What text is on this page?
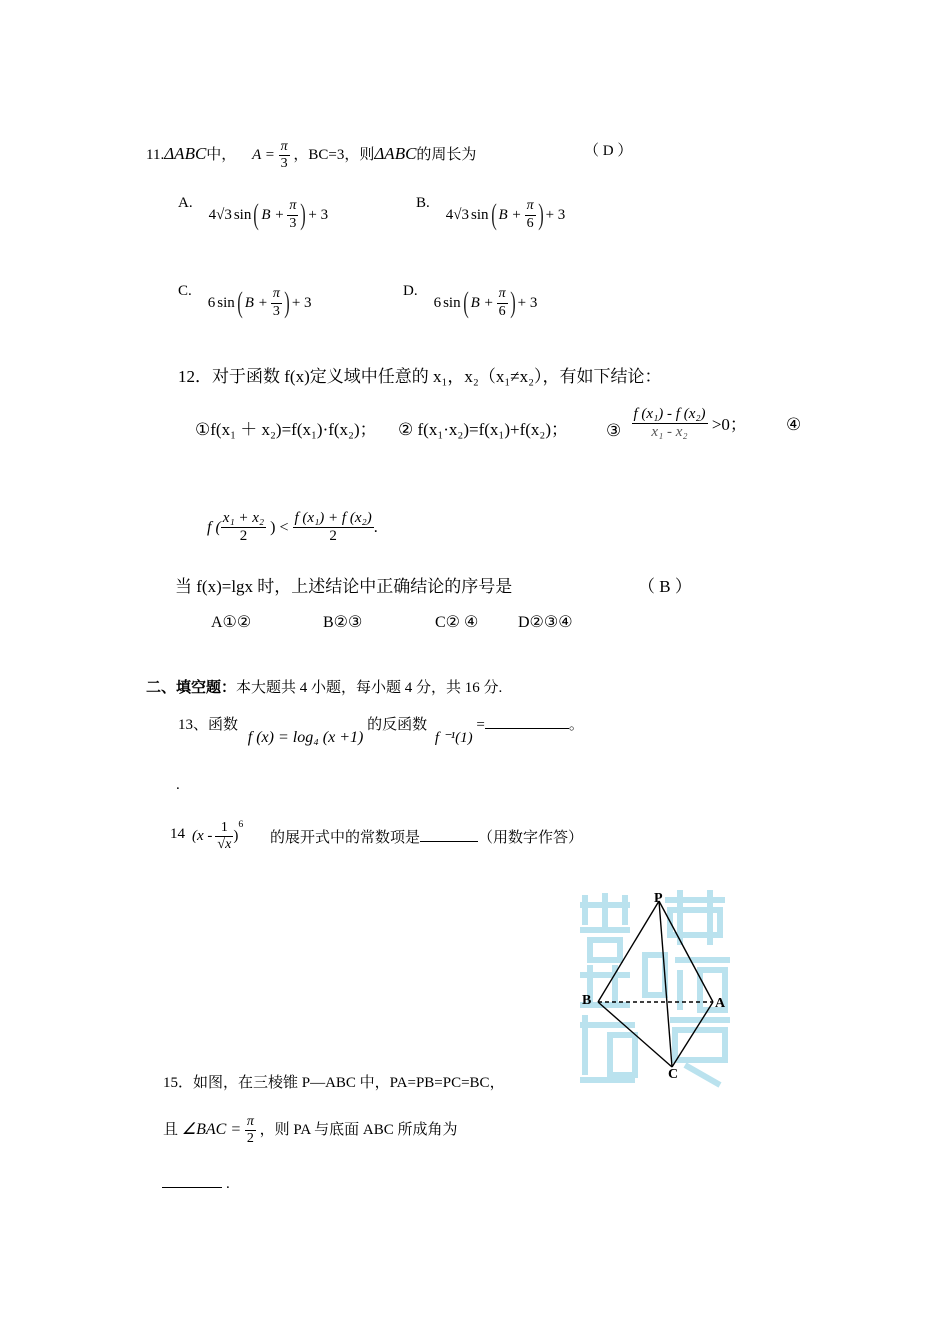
11.ΔABC中， $A = \frac{\pi}{3}$ ，BC=3，则ΔABC的周长为	（ D ）
A.
4√3 sin ( $B + \frac{\pi}{3}$ ) + 3
B.
4√3 sin ( $B + \frac{\pi}{6}$ ) + 3
C.
6 sin ( $B + \frac{\pi}{3}$ ) + 3
D.
6 sin ( $B + \frac{\pi}{6}$ ) + 3
12．对于函数 f(x)定义域中任意的 x₁，x₂（x₁≠x₂），有如下结论：
①f(x₁ ＋ x₂)=f(x₁)·f(x₂)； ② f(x₁·x₂)=f(x₁)+f(x₂)； ③ $\frac{\text{f (x₁) - f (x₂)}}{\text{x₁ - x₂}} >0$； ④
f ( $\frac{\text{x₁ + x₂}}{2}$ ) < $\frac{\text{f (x₁) + f (x₂)}}{2}$ .
当 f(x)=lgx 时，上述结论中正确结论的序号是	（ B ）
A①②	B②③	C② ④ D②③④
二、填空题：本大题共 4 小题，每小题 4 分，共 16 分.
13、函数 f (x) = log₄ (x +1) 的反函数 f ⁻¹(1) =	。
.
14 ($x - \frac{1}{√x}$ )
$^6$
的展开式中的常数项是	（用数字作答）
P
A
B
C
15．如图，在三棱锥 P—ABC 中，PA=PB=PC=BC，
且 ∠BAC = $\frac{\pi}{2}$ ，则 PA 与底面 ABC 所成角为
.
